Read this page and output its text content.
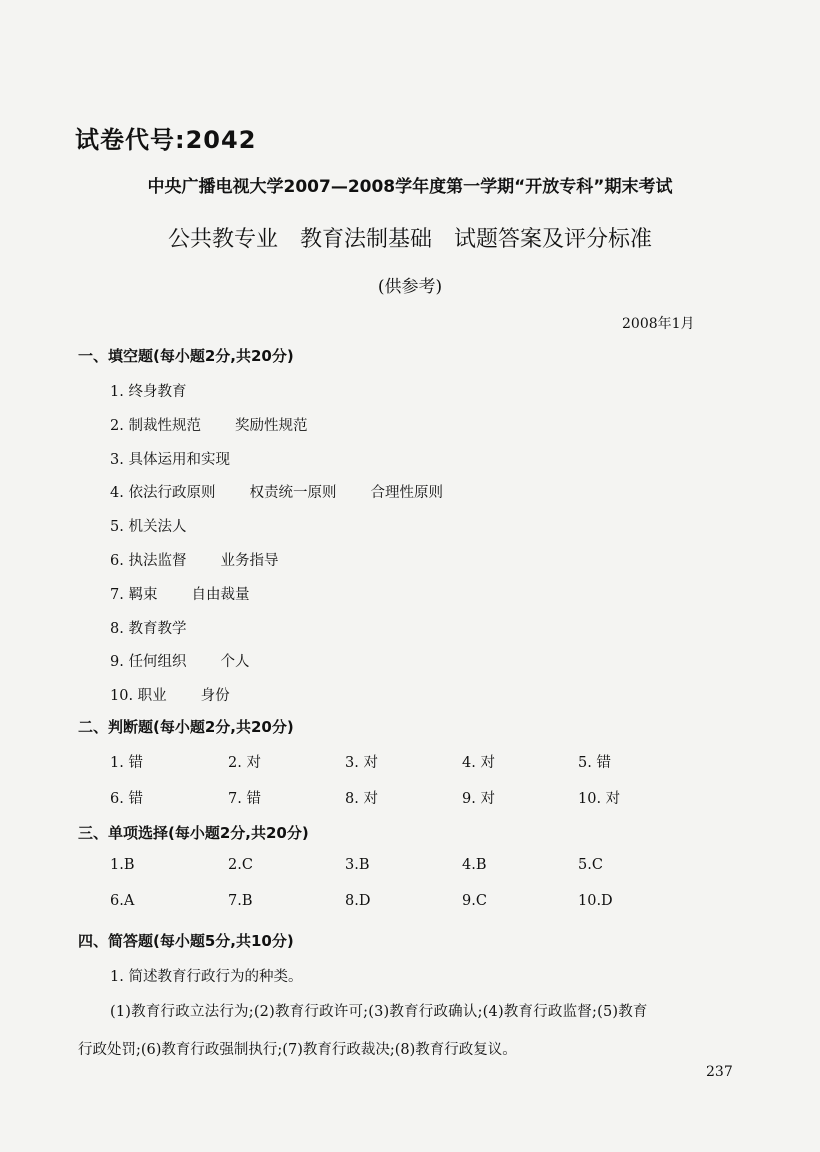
试卷代号:2042
中央广播电视大学2007—2008学年度第一学期“开放专科”期末考试
公共教专业　教育法制基础　试题答案及评分标准
(供参考)
2008年1月
一、填空题(每小题2分,共20分)
1. 终身教育
2. 制裁性规范 奖励性规范
3. 具体运用和实现
4. 依法行政原则 权责统一原则 合理性原则
5. 机关法人
6. 执法监督 业务指导
7. 羁束 自由裁量
8. 教育教学
9. 任何组织 个人
10. 职业 身份
二、判断题(每小题2分,共20分)
1. 错	2. 对	3. 对	4. 对	5. 错
6. 错	7. 错	8. 对	9. 对	10. 对
三、单项选择(每小题2分,共20分)
1.B	2.C	3.B	4.B	5.C
6.A	7.B	8.D	9.C	10.D
四、简答题(每小题5分,共10分)
1. 简述教育行政行为的种类。
(1)教育行政立法行为;(2)教育行政许可;(3)教育行政确认;(4)教育行政监督;(5)教育
行政处罚;(6)教育行政强制执行;(7)教育行政裁决;(8)教育行政复议。
237
